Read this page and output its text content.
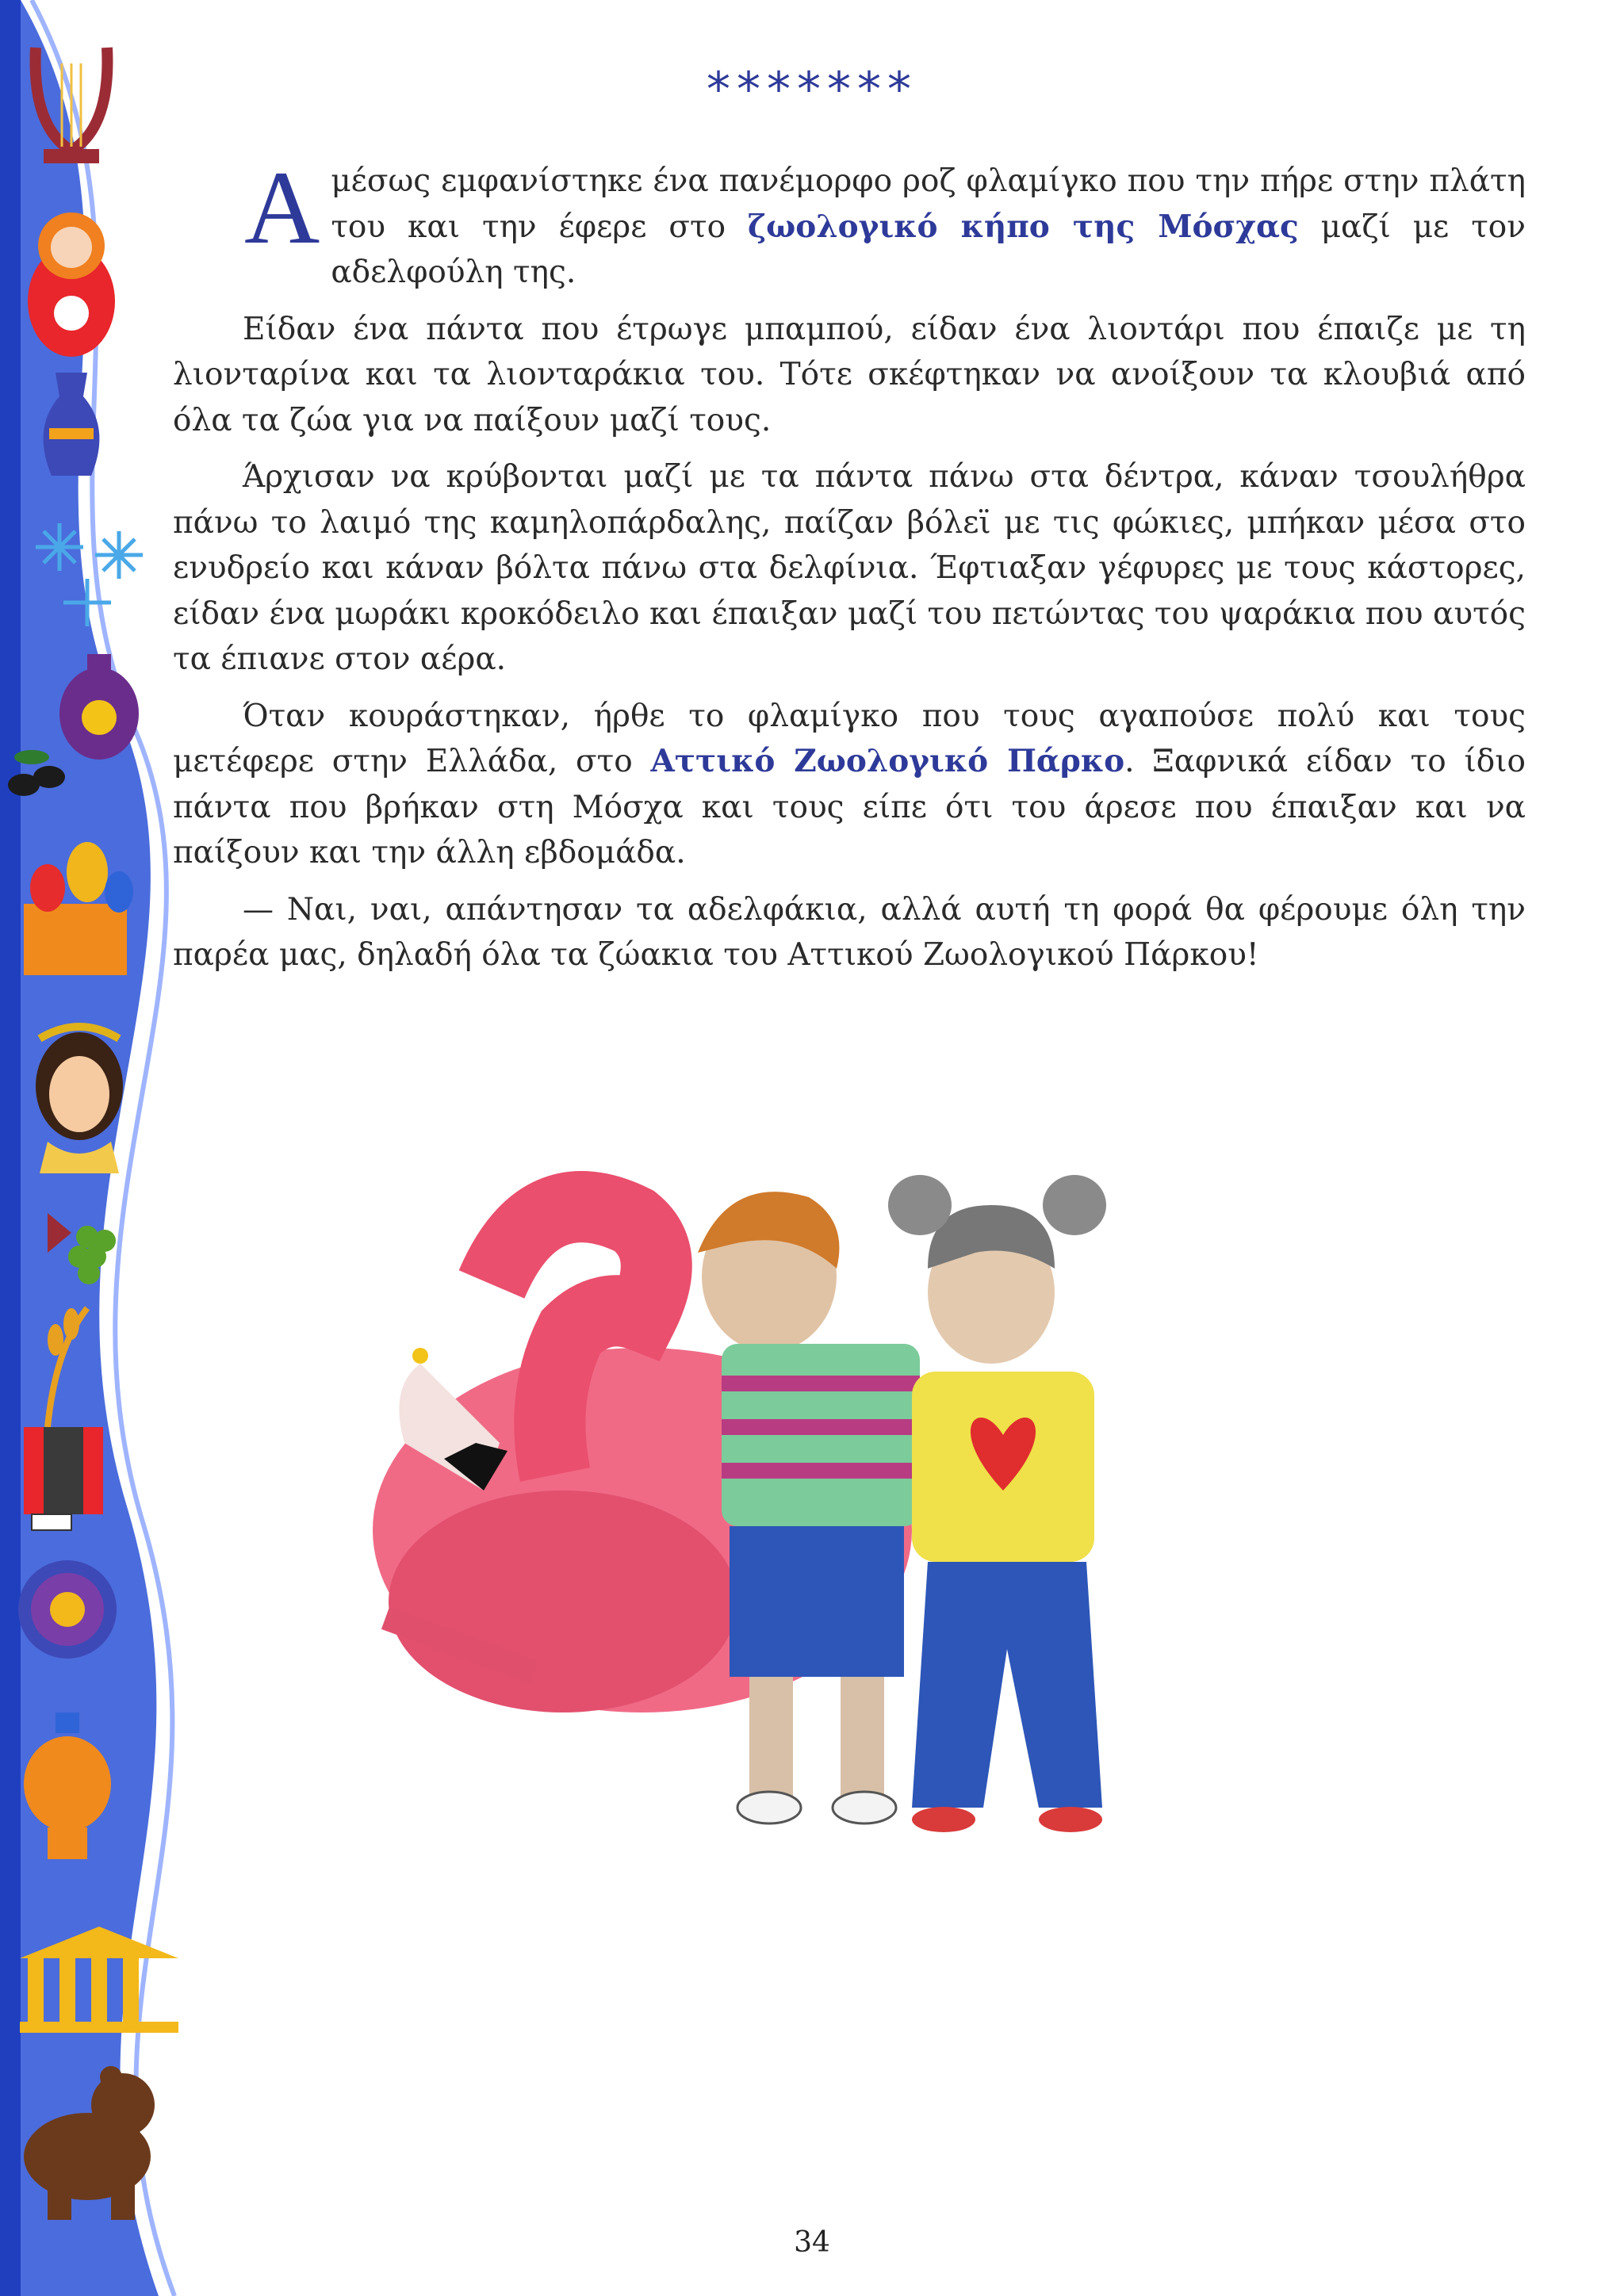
*******

Αμέσως εμφανίστηκε ένα πανέμορφο ροζ φλαμίγκο που την πήρε στην πλάτη του και την έφερε στο ζωολογικό κήπο της Μόσχας μαζί με τον αδελφούλη της.

Είδαν ένα πάντα που έτρωγε μπαμπού, είδαν ένα λιοντάρι που έπαιζε με τη λιονταρίνα και τα λιονταράκια του. Τότε σκέφτηκαν να ανοίξουν τα κλουβιά από όλα τα ζώα για να παίξουν μαζί τους.

Άρχισαν να κρύβονται μαζί με τα πάντα πάνω στα δέντρα, κάναν τσουλήθρα πάνω το λαιμό της καμηλοπάρδαλης, παίζαν βόλεϊ με τις φώκιες, μπήκαν μέσα στο ενυδρείο και κάναν βόλτα πάνω στα δελφίνια. Έφτιαξαν γέφυρες με τους κάστορες, είδαν ένα μωράκι κροκόδειλο και έπαιξαν μαζί του πετώντας του ψαράκια που αυτός τα έπιανε στον αέρα.

Όταν κουράστηκαν, ήρθε το φλαμίγκο που τους αγαπούσε πολύ και τους μετέφερε στην Ελλάδα, στο Αττικό Ζωολογικό Πάρκο. Ξαφνικά είδαν το ίδιο πάντα που βρήκαν στη Μόσχα και τους είπε ότι του άρεσε που έπαιξαν και να παίξουν και την άλλη εβδομάδα.

— Ναι, ναι, απάντησαν τα αδελφάκια, αλλά αυτή τη φορά θα φέρουμε όλη την παρέα μας, δηλαδή όλα τα ζώακια του Αττικού Ζωολογικού Πάρκου!

34
